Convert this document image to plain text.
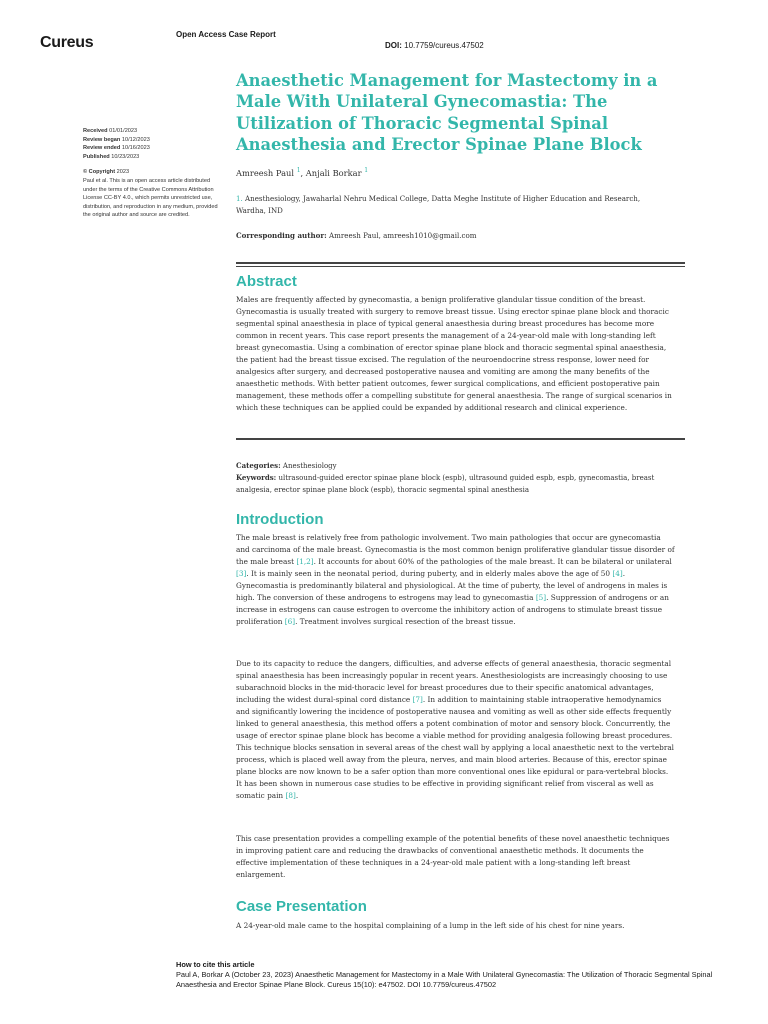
Cureus	Open Access Case Report
DOI: 10.7759/cureus.47502
Received 01/01/2023
Review began 10/12/2023
Review ended 10/16/2023
Published 10/23/2023
© Copyright 2023
Paul et al. This is an open access article distributed under the terms of the Creative Commons Attribution License CC-BY 4.0., which permits unrestricted use, distribution, and reproduction in any medium, provided the original author and source are credited.
Anaesthetic Management for Mastectomy in a Male With Unilateral Gynecomastia: The Utilization of Thoracic Segmental Spinal Anaesthesia and Erector Spinae Plane Block
Amreesh Paul $^1$, Anjali Borkar $^1$
1. Anesthesiology, Jawaharlal Nehru Medical College, Datta Meghe Institute of Higher Education and Research, Wardha, IND
Corresponding author: Amreesh Paul, amreesh1010@gmail.com
Abstract

Males are frequently affected by gynecomastia, a benign proliferative glandular tissue condition of the breast. Gynecomastia is usually treated with surgery to remove breast tissue. Using erector spinae plane block and thoracic segmental spinal anaesthesia in place of typical general anaesthesia during breast procedures has become more common in recent years. This case report presents the management of a 24-year-old male with long-standing left breast gynecomastia. Using a combination of erector spinae plane block and thoracic segmental spinal anaesthesia, the patient had the breast tissue excised. The regulation of the neuroendocrine stress response, lower need for analgesics after surgery, and decreased postoperative nausea and vomiting are among the many benefits of the anaesthetic methods. With better patient outcomes, fewer surgical complications, and efficient postoperative pain management, these methods offer a compelling substitute for general anaesthesia. The range of surgical scenarios in which these techniques can be applied could be expanded by additional research and clinical experience.

Categories: Anesthesiology

Keywords: ultrasound-guided erector spinae plane block (espb), ultrasound guided espb, espb, gynecomastia, breast analgesia, erector spinae plane block (espb), thoracic segmental spinal anesthesia

Introduction

The male breast is relatively free from pathologic involvement. Two main pathologies that occur are gynecomastia and carcinoma of the male breast. Gynecomastia is the most common benign proliferative glandular tissue disorder of the male breast [1,2]. It accounts for about 60% of the pathologies of the male breast. It can be bilateral or unilateral [3]. It is mainly seen in the neonatal period, during puberty, and in elderly males above the age of 50 [4]. Gynecomastia is predominantly bilateral and physiological. At the time of puberty, the level of androgens in males is high. The conversion of these androgens to estrogens may lead to gynecomastia [5]. Suppression of androgens or an increase in estrogens can cause estrogen to overcome the inhibitory action of androgens to stimulate breast tissue proliferation [6]. Treatment involves surgical resection of the breast tissue.

Due to its capacity to reduce the dangers, difficulties, and adverse effects of general anaesthesia, thoracic segmental spinal anaesthesia has been increasingly popular in recent years. Anesthesiologists are increasingly choosing to use subarachnoid blocks in the mid-thoracic level for breast procedures due to their specific anatomical advantages, including the widest dural-spinal cord distance [7]. In addition to maintaining stable intraoperative hemodynamics and significantly lowering the incidence of postoperative nausea and vomiting as well as other side effects frequently linked to general anaesthesia, this method offers a potent combination of motor and sensory block. Concurrently, the usage of erector spinae plane block has become a viable method for providing analgesia following breast procedures. This technique blocks sensation in several areas of the chest wall by applying a local anaesthetic next to the vertebral process, which is placed well away from the pleura, nerves, and main blood arteries. Because of this, erector spinae plane blocks are now known to be a safer option than more conventional ones like epidural or para-vertebral blocks. It has been shown in numerous case studies to be effective in providing significant relief from visceral as well as somatic pain [8].

This case presentation provides a compelling example of the potential benefits of these novel anaesthetic techniques in improving patient care and reducing the drawbacks of conventional anaesthetic methods. It documents the effective implementation of these techniques in a 24-year-old male patient with a long-standing left breast enlargement.

Case Presentation

A 24-year-old male came to the hospital complaining of a lump in the left side of his chest for nine years.

How to cite this article
Paul A, Borkar A (October 23, 2023) Anaesthetic Management for Mastectomy in a Male With Unilateral Gynecomastia: The Utilization of Thoracic Segmental Spinal Anaesthesia and Erector Spinae Plane Block. Cureus 15(10): e47502. DOI 10.7759/cureus.47502
